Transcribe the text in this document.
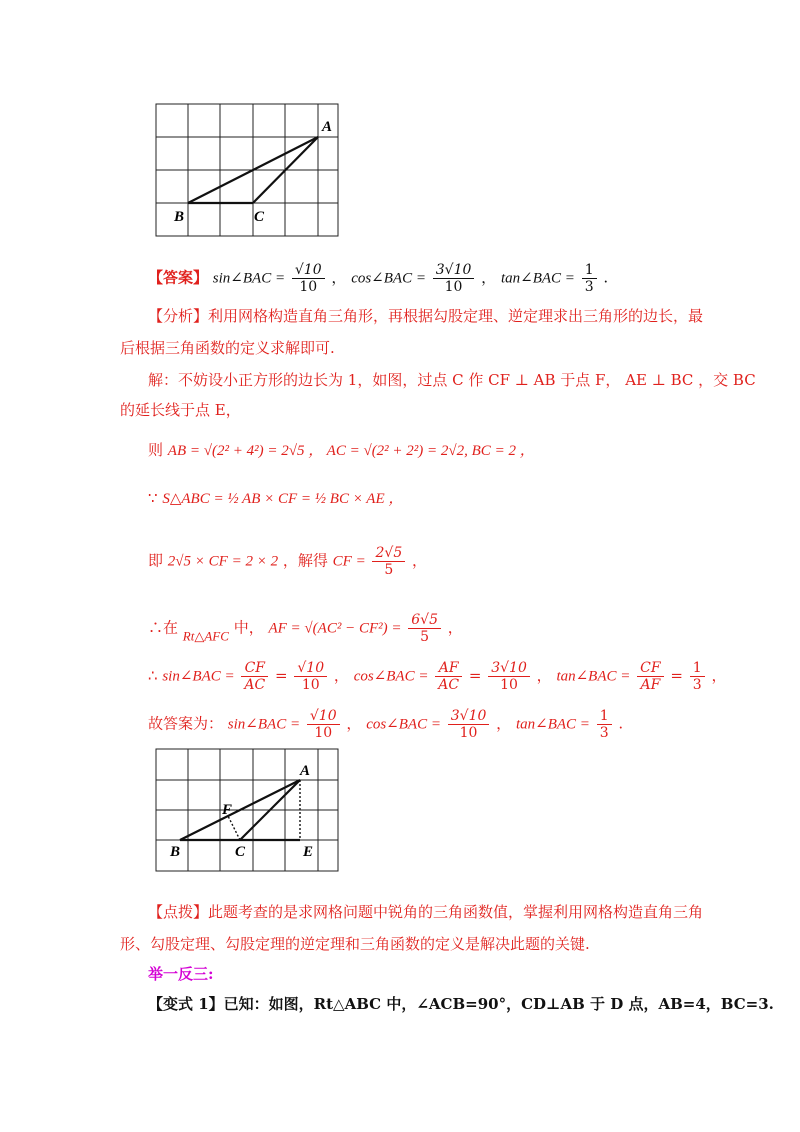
A
B	C
【答案】 sin∠BAC = $\frac{√10}{10}$ ， cos∠BAC = $\frac{3√10}{10}$ ， tan∠BAC = $\frac{1}{3}$ .
【分析】利用网格构造直角三角形，再根据勾股定理、逆定理求出三角形的边长，最
后根据三角函数的定义求解即可.
解：不妨设小正方形的边长为 1，如图，过点 C 作 CF ⊥ AB 于点 F， AE ⊥ BC ，交 BC
的延长线于点 E，
则 AB = √(2² + 4²) = 2√5 ， AC = √(2² + 2²) = 2√2, BC = 2 ，
∵ S△ABC = ½ AB × CF = ½ BC × AE ，
即 2√5 × CF = 2 × 2 ，解得 CF = $\frac{2√5}{5}$ ，
∴在 Rt△AFC 中， AF = $√(AC^2 - CF^2) = \frac{6√5}{5}$ ，
∴ sin∠BAC = $\frac{CF}{AC} = \frac{√10}{10}$ ， cos∠BAC = $\frac{AF}{AC} = \frac{3√10}{10}$ ， tan∠BAC = $\frac{CF}{AF} = \frac{1}{3}$ ，
故答案为： sin∠BAC = $\frac{√10}{10}$ ， cos∠BAC = $\frac{3√10}{10}$ ， tan∠BAC = $\frac{1}{3}$ .
A
B	C	E
F
【点拨】此题考查的是求网格问题中锐角的三角函数值，掌握利用网格构造直角三角
形、勾股定理、勾股定理的逆定理和三角函数的定义是解决此题的关键.
举一反三:
【变式 1】已知：如图，Rt△ABC 中，∠ACB=90°，CD⊥AB 于 D 点，AB=4，BC=3.
